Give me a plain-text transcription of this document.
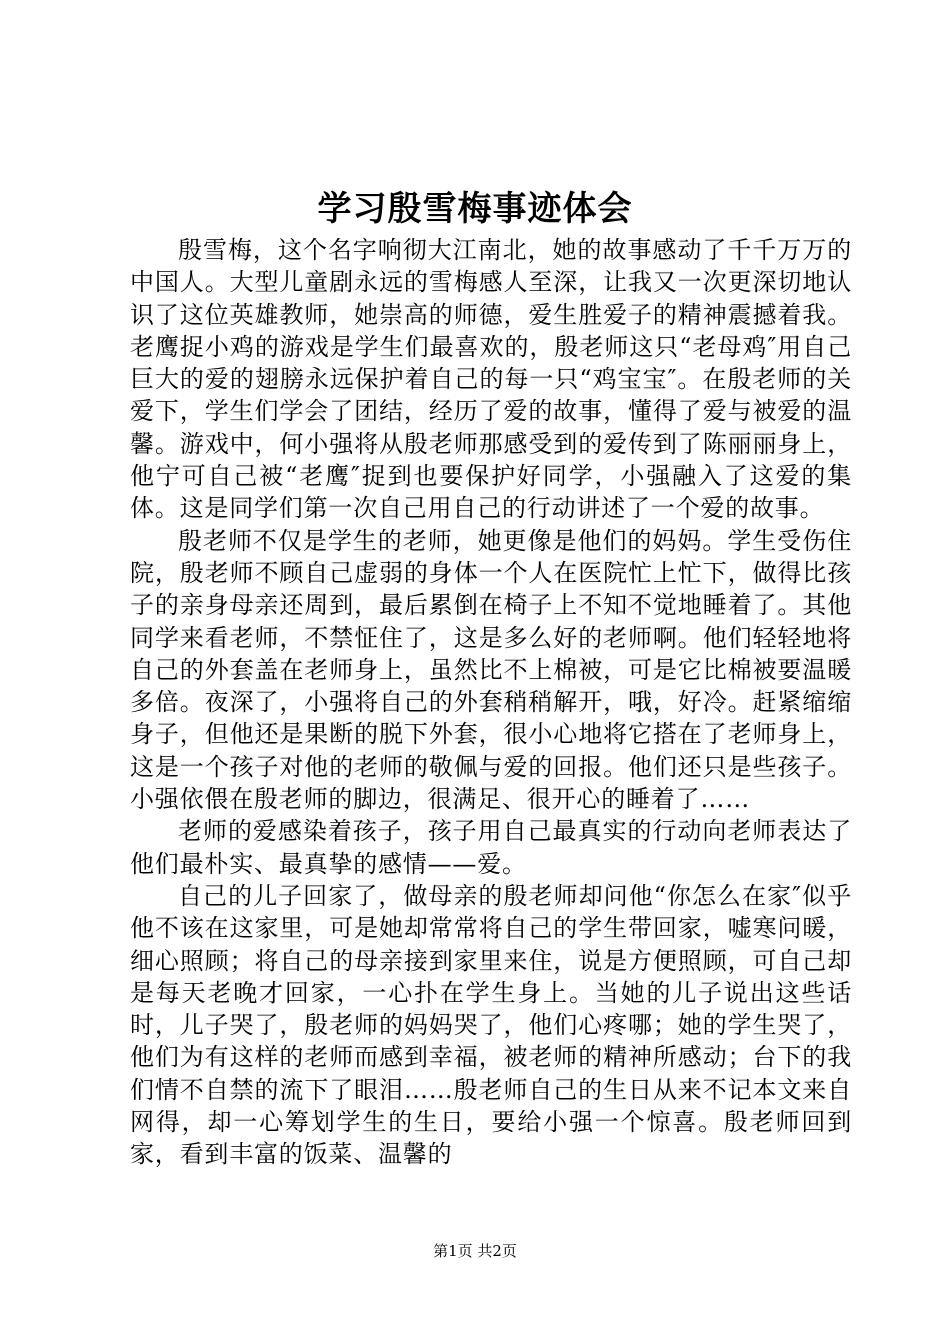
学习殷雪梅事迹体会

殷雪梅，这个名字响彻大江南北，她的故事感动了千千万万的中国人。大型儿童剧永远的雪梅感人至深，让我又一次更深切地认识了这位英雄教师，她崇高的师德，爱生胜爱子的精神震撼着我。老鹰捉小鸡的游戏是学生们最喜欢的，殷老师这只“老母鸡″用自己巨大的爱的翅膀永远保护着自己的每一只“鸡宝宝″。在殷老师的关爱下，学生们学会了团结，经历了爱的故事，懂得了爱与被爱的温馨。游戏中，何小强将从殷老师那感受到的爱传到了陈丽丽身上，他宁可自己被“老鹰″捉到也要保护好同学，小强融入了这爱的集体。这是同学们第一次自己用自己的行动讲述了一个爱的故事。

殷老师不仅是学生的老师，她更像是他们的妈妈。学生受伤住院，殷老师不顾自己虚弱的身体一个人在医院忙上忙下，做得比孩子的亲身母亲还周到，最后累倒在椅子上不知不觉地睡着了。其他同学来看老师，不禁怔住了，这是多么好的老师啊。他们轻轻地将自己的外套盖在老师身上，虽然比不上棉被，可是它比棉被要温暖多倍。夜深了，小强将自己的外套稍稍解开，哦，好冷。赶紧缩缩身子，但他还是果断的脱下外套，很小心地将它搭在了老师身上，这是一个孩子对他的老师的敬佩与爱的回报。他们还只是些孩子。小强依偎在殷老师的脚边，很满足、很开心的睡着了……

老师的爱感染着孩子，孩子用自己最真实的行动向老师表达了他们最朴实、最真挚的感情——爱。

自己的儿子回家了，做母亲的殷老师却问他“你怎么在家″似乎他不该在这家里，可是她却常常将自己的学生带回家，嘘寒问暖，细心照顾；将自己的母亲接到家里来住，说是方便照顾，可自己却是每天老晚才回家，一心扑在学生身上。当她的儿子说出这些话时，儿子哭了，殷老师的妈妈哭了，他们心疼哪；她的学生哭了，他们为有这样的老师而感到幸福，被老师的精神所感动；台下的我们情不自禁的流下了眼泪……殷老师自己的生日从来不记本文来自网得，却一心筹划学生的生日，要给小强一个惊喜。殷老师回到家，看到丰富的饭菜、温馨的

第1页 共2页
